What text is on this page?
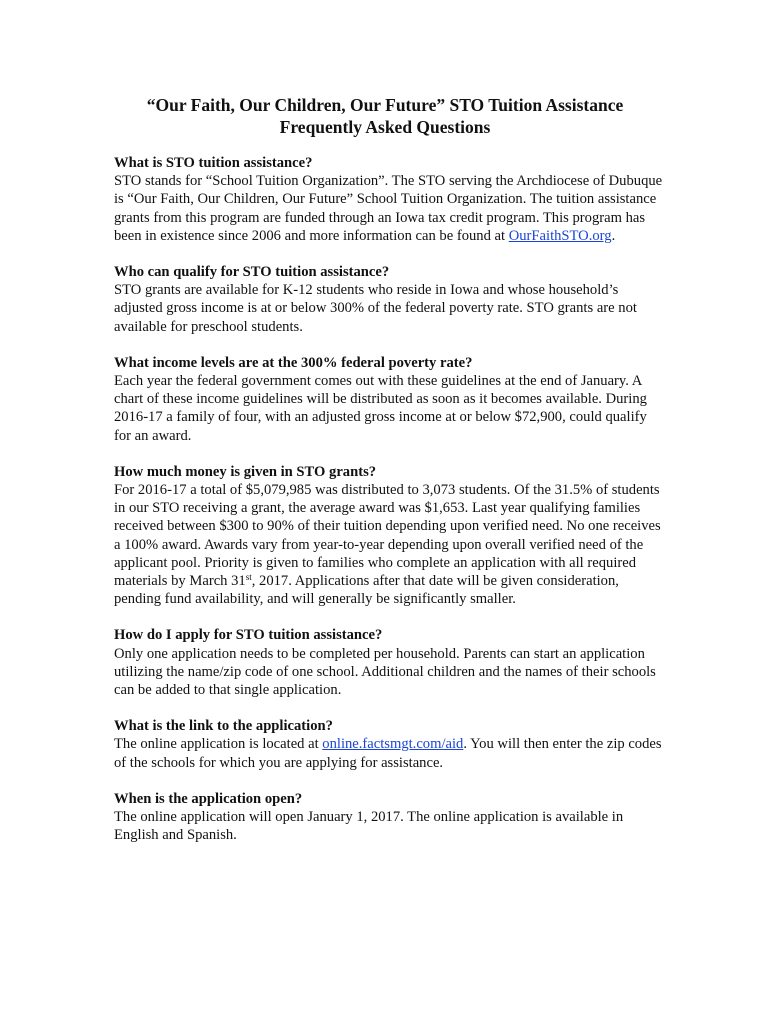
“Our Faith, Our Children, Our Future” STO Tuition Assistance
Frequently Asked Questions

What is STO tuition assistance?

STO stands for “School Tuition Organization”. The STO serving the Archdiocese of Dubuque is “Our Faith, Our Children, Our Future” School Tuition Organization. The tuition assistance grants from this program are funded through an Iowa tax credit program. This program has been in existence since 2006 and more information can be found at OurFaithSTO.org.

Who can qualify for STO tuition assistance?

STO grants are available for K-12 students who reside in Iowa and whose household’s adjusted gross income is at or below 300% of the federal poverty rate. STO grants are not available for preschool students.

What income levels are at the 300% federal poverty rate?

Each year the federal government comes out with these guidelines at the end of January. A chart of these income guidelines will be distributed as soon as it becomes available. During 2016-17 a family of four, with an adjusted gross income at or below $72,900, could qualify for an award.

How much money is given in STO grants?

For 2016-17 a total of $5,079,985 was distributed to 3,073 students. Of the 31.5% of students in our STO receiving a grant, the average award was $1,653. Last year qualifying families received between $300 to 90% of their tuition depending upon verified need. No one receives a 100% award. Awards vary from year-to-year depending upon overall verified need of the applicant pool. Priority is given to families who complete an application with all required materials by March 31st, 2017. Applications after that date will be given consideration, pending fund availability, and will generally be significantly smaller.

How do I apply for STO tuition assistance?

Only one application needs to be completed per household. Parents can start an application utilizing the name/zip code of one school. Additional children and the names of their schools can be added to that single application.

What is the link to the application?

The online application is located at online.factsmgt.com/aid. You will then enter the zip codes of the schools for which you are applying for assistance.

When is the application open?

The online application will open January 1, 2017. The online application is available in English and Spanish.
